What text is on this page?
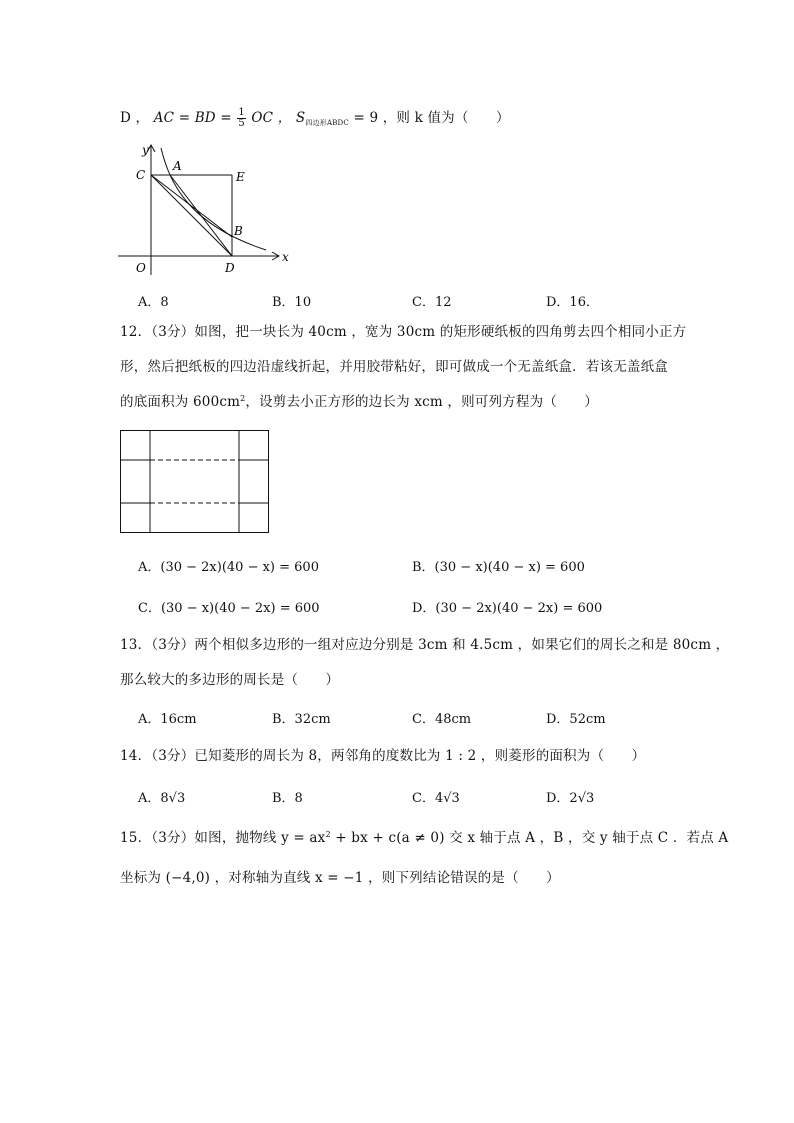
D ， AC = BD = $\frac{1}{5}$ OC ， $S_{四边形ABDC} = 9$ ，则 k 值为（　　）
y
x
C
A
E
B
O	D
A．8	B．10	C．12	D．16．
12．（3分）如图，把一块长为 40cm ，宽为 30cm 的矩形硬纸板的四角剪去四个相同小正方
形，然后把纸板的四边沿虚线折起，并用胶带粘好，即可做成一个无盖纸盒．若该无盖纸盒
的底面积为 $600cm^2$，设剪去小正方形的边长为 xcm ，则可列方程为（　　）
A．(30 − 2x)(40 − x) = 600	B．(30 − x)(40 − x) = 600
C．(30 − x)(40 − 2x) = 600	D．(30 − 2x)(40 − 2x) = 600
13．（3分）两个相似多边形的一组对应边分别是 3cm 和 4.5cm ，如果它们的周长之和是 80cm ，
那么较大的多边形的周长是（　　）
A．16cm	B．32cm	C．48cm	D．52cm
14．（3分）已知菱形的周长为 8，两邻角的度数比为 1 : 2 ，则菱形的面积为（　　）
A．8√3	B．8	C．4√3	D．2√3
15．（3分）如图，抛物线 $y = ax^2$ + bx + c(a ≠ 0) 交 x 轴于点 A ，B ，交 y 轴于点 C ．若点 A
坐标为 (−4,0) ，对称轴为直线 x = −1 ，则下列结论错误的是（　　）
